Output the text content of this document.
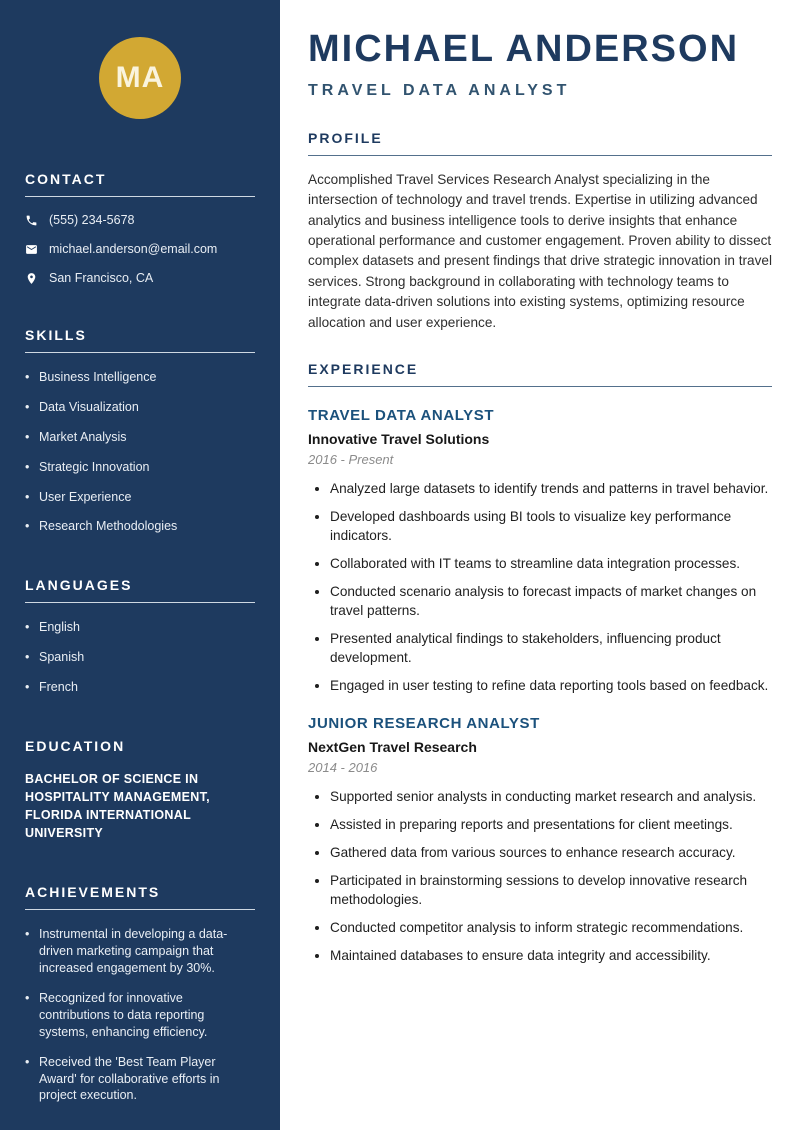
MA
CONTACT
(555) 234-5678
michael.anderson@email.com
San Francisco, CA
SKILLS
• Business Intelligence
• Data Visualization
• Market Analysis
• Strategic Innovation
• User Experience
• Research Methodologies
LANGUAGES
• English
• Spanish
• French
EDUCATION

BACHELOR OF SCIENCE IN HOSPITALITY MANAGEMENT, FLORIDA INTERNATIONAL UNIVERSITY

ACHIEVEMENTS
• Instrumental in developing a data-driven marketing campaign that increased engagement by 30%.
• Recognized for innovative contributions to data reporting systems, enhancing efficiency.
• Received the 'Best Team Player Award' for collaborative efforts in project execution.
MICHAEL ANDERSON
TRAVEL DATA ANALYST
PROFILE

Accomplished Travel Services Research Analyst specializing in the intersection of technology and travel trends. Expertise in utilizing advanced analytics and business intelligence tools to derive insights that enhance operational performance and customer engagement. Proven ability to dissect complex datasets and present findings that drive strategic innovation in travel services. Strong background in collaborating with technology teams to integrate data-driven solutions into existing systems, optimizing resource allocation and user experience.

EXPERIENCE
TRAVEL DATA ANALYST
Innovative Travel Solutions
2016 - Present
• Analyzed large datasets to identify trends and patterns in travel behavior.
• Developed dashboards using BI tools to visualize key performance indicators.
• Collaborated with IT teams to streamline data integration processes.
• Conducted scenario analysis to forecast impacts of market changes on travel patterns.
• Presented analytical findings to stakeholders, influencing product development.
• Engaged in user testing to refine data reporting tools based on feedback.
JUNIOR RESEARCH ANALYST
NextGen Travel Research
2014 - 2016
• Supported senior analysts in conducting market research and analysis.
• Assisted in preparing reports and presentations for client meetings.
• Gathered data from various sources to enhance research accuracy.
• Participated in brainstorming sessions to develop innovative research methodologies.
• Conducted competitor analysis to inform strategic recommendations.
• Maintained databases to ensure data integrity and accessibility.
